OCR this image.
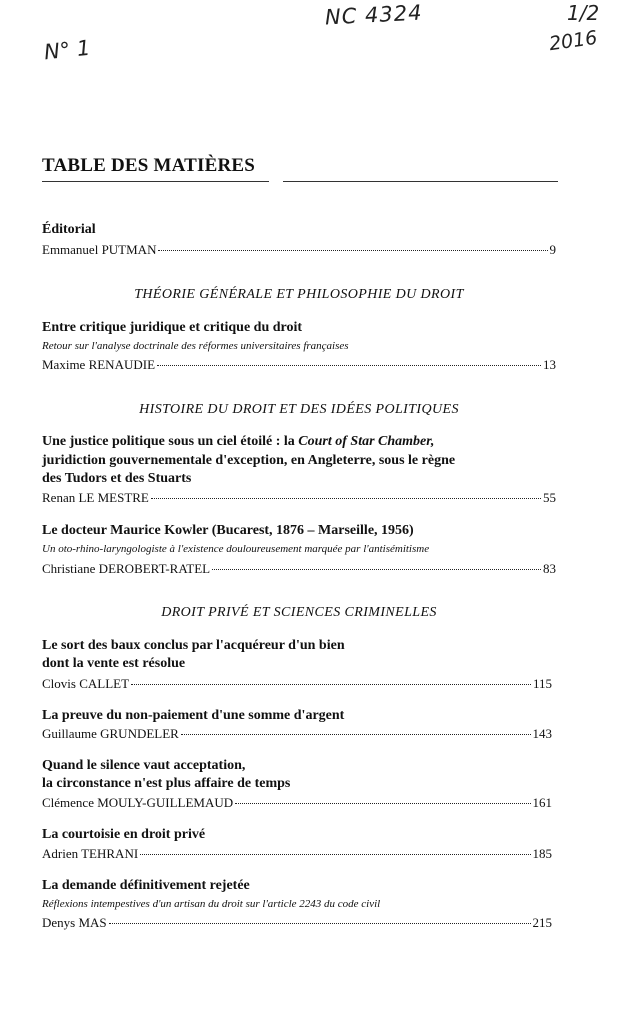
N° 1
NC 4324	1/2
2016
TABLE DES MATIÈRES
Éditorial
Emmanuel PUTMAN	9
THÉORIE GÉNÉRALE ET PHILOSOPHIE DU DROIT
Entre critique juridique et critique du droit
Retour sur l'analyse doctrinale des réformes universitaires françaises
Maxime RENAUDIE	13
HISTOIRE DU DROIT ET DES IDÉES POLITIQUES
Une justice politique sous un ciel étoilé : la Court of Star Chamber,
juridiction gouvernementale d'exception, en Angleterre, sous le règne
des Tudors et des Stuarts
Renan LE MESTRE	55
Le docteur Maurice Kowler (Bucarest, 1876 – Marseille, 1956)
Un oto-rhino-laryngologiste à l'existence douloureusement marquée par l'antisémitisme
Christiane DEROBERT-RATEL	83
DROIT PRIVÉ ET SCIENCES CRIMINELLES
Le sort des baux conclus par l'acquéreur d'un bien
dont la vente est résolue
Clovis CALLET	115
La preuve du non-paiement d'une somme d'argent
Guillaume GRUNDELER	143
Quand le silence vaut acceptation,
la circonstance n'est plus affaire de temps
Clémence MOULY-GUILLEMAUD	161
La courtoisie en droit privé
Adrien TEHRANI	185
La demande définitivement rejetée
Réflexions intempestives d'un artisan du droit sur l'article 2243 du code civil
Denys MAS	215
